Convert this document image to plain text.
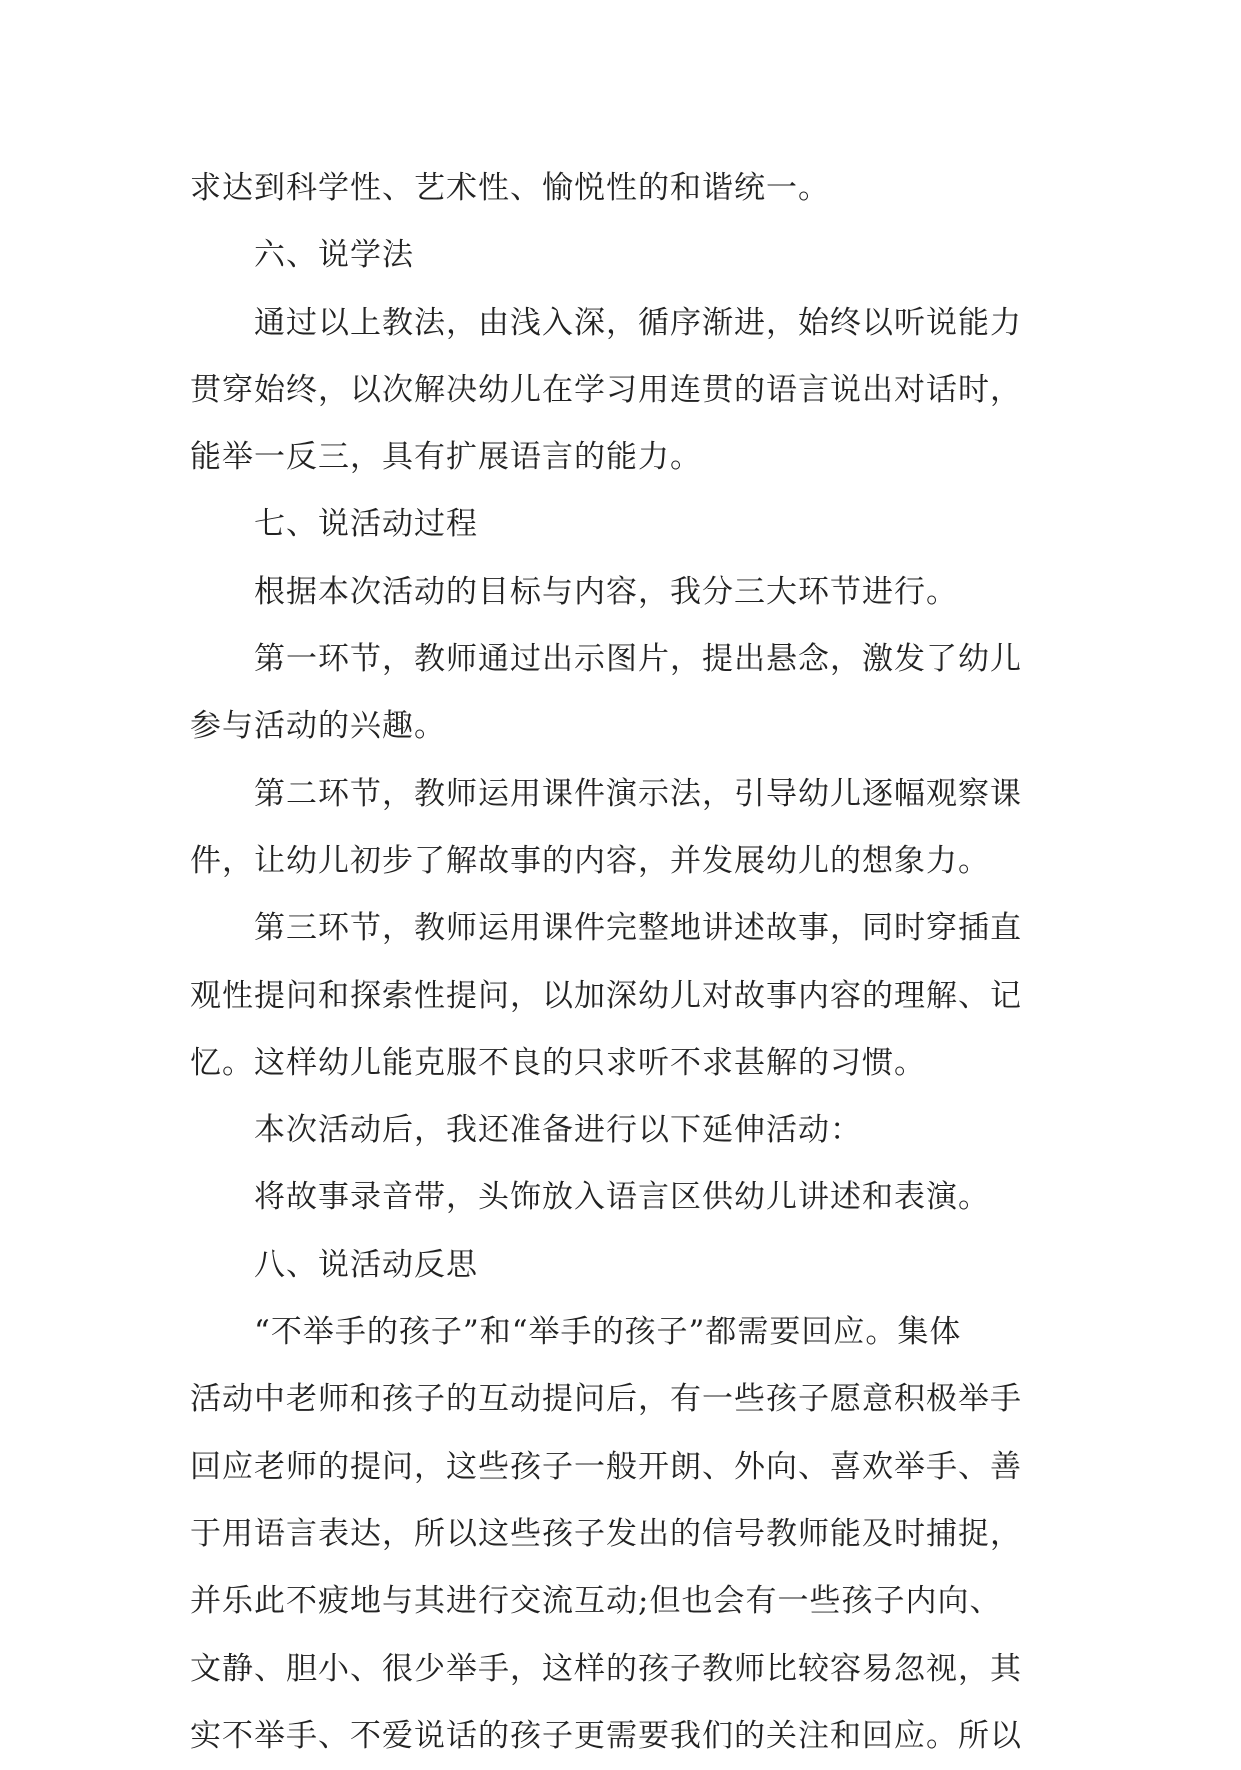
求达到科学性、艺术性、愉悦性的和谐统一。
六、说学法
通过以上教法，由浅入深，循序渐进，始终以听说能力
贯穿始终，以次解决幼儿在学习用连贯的语言说出对话时，
能举一反三，具有扩展语言的能力。
七、说活动过程
根据本次活动的目标与内容，我分三大环节进行。
第一环节，教师通过出示图片，提出悬念，激发了幼儿
参与活动的兴趣。
第二环节，教师运用课件演示法，引导幼儿逐幅观察课
件，让幼儿初步了解故事的内容，并发展幼儿的想象力。
第三环节，教师运用课件完整地讲述故事，同时穿插直
观性提问和探索性提问，以加深幼儿对故事内容的理解、记
忆。这样幼儿能克服不良的只求听不求甚解的习惯。
本次活动后，我还准备进行以下延伸活动：
将故事录音带，头饰放入语言区供幼儿讲述和表演。
八、说活动反思
“不举手的孩子”和“举手的孩子”都需要回应。集体
活动中老师和孩子的互动提问后，有一些孩子愿意积极举手
回应老师的提问，这些孩子一般开朗、外向、喜欢举手、善
于用语言表达，所以这些孩子发出的信号教师能及时捕捉，
并乐此不疲地与其进行交流互动;但也会有一些孩子内向、
文静、胆小、很少举手，这样的孩子教师比较容易忽视，其
实不举手、不爱说话的孩子更需要我们的关注和回应。所以
